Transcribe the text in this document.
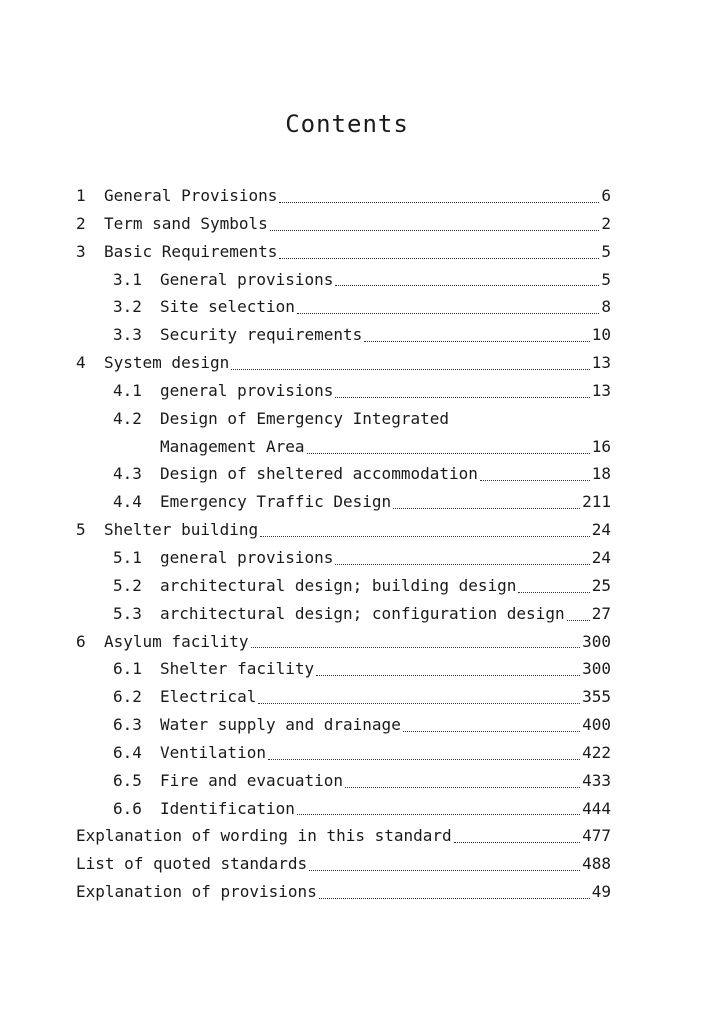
Contents
1	General Provisions	6
2	Term sand Symbols	2
3	Basic Requirements	5
3.1	General provisions	5
3.2	Site selection	8
3.3	Security requirements	10
4	System design	13
4.1	general provisions	13
4.2	Design of Emergency Integrated
Management Area	16
4.3	Design of sheltered accommodation	18
4.4	Emergency Traffic Design	211
5	Shelter building	24
5.1	general provisions	24
5.2	architectural design; building design	25
5.3	architectural design; configuration design 27
6	Asylum facility	300
6.1	Shelter facility	300
6.2	Electrical	355
6.3	Water supply and drainage	400
6.4	Ventilation	422
6.5	Fire and evacuation	433
6.6	Identification	444
Explanation of wording in this standard	477
List of quoted standards	488
Explanation of provisions	49
